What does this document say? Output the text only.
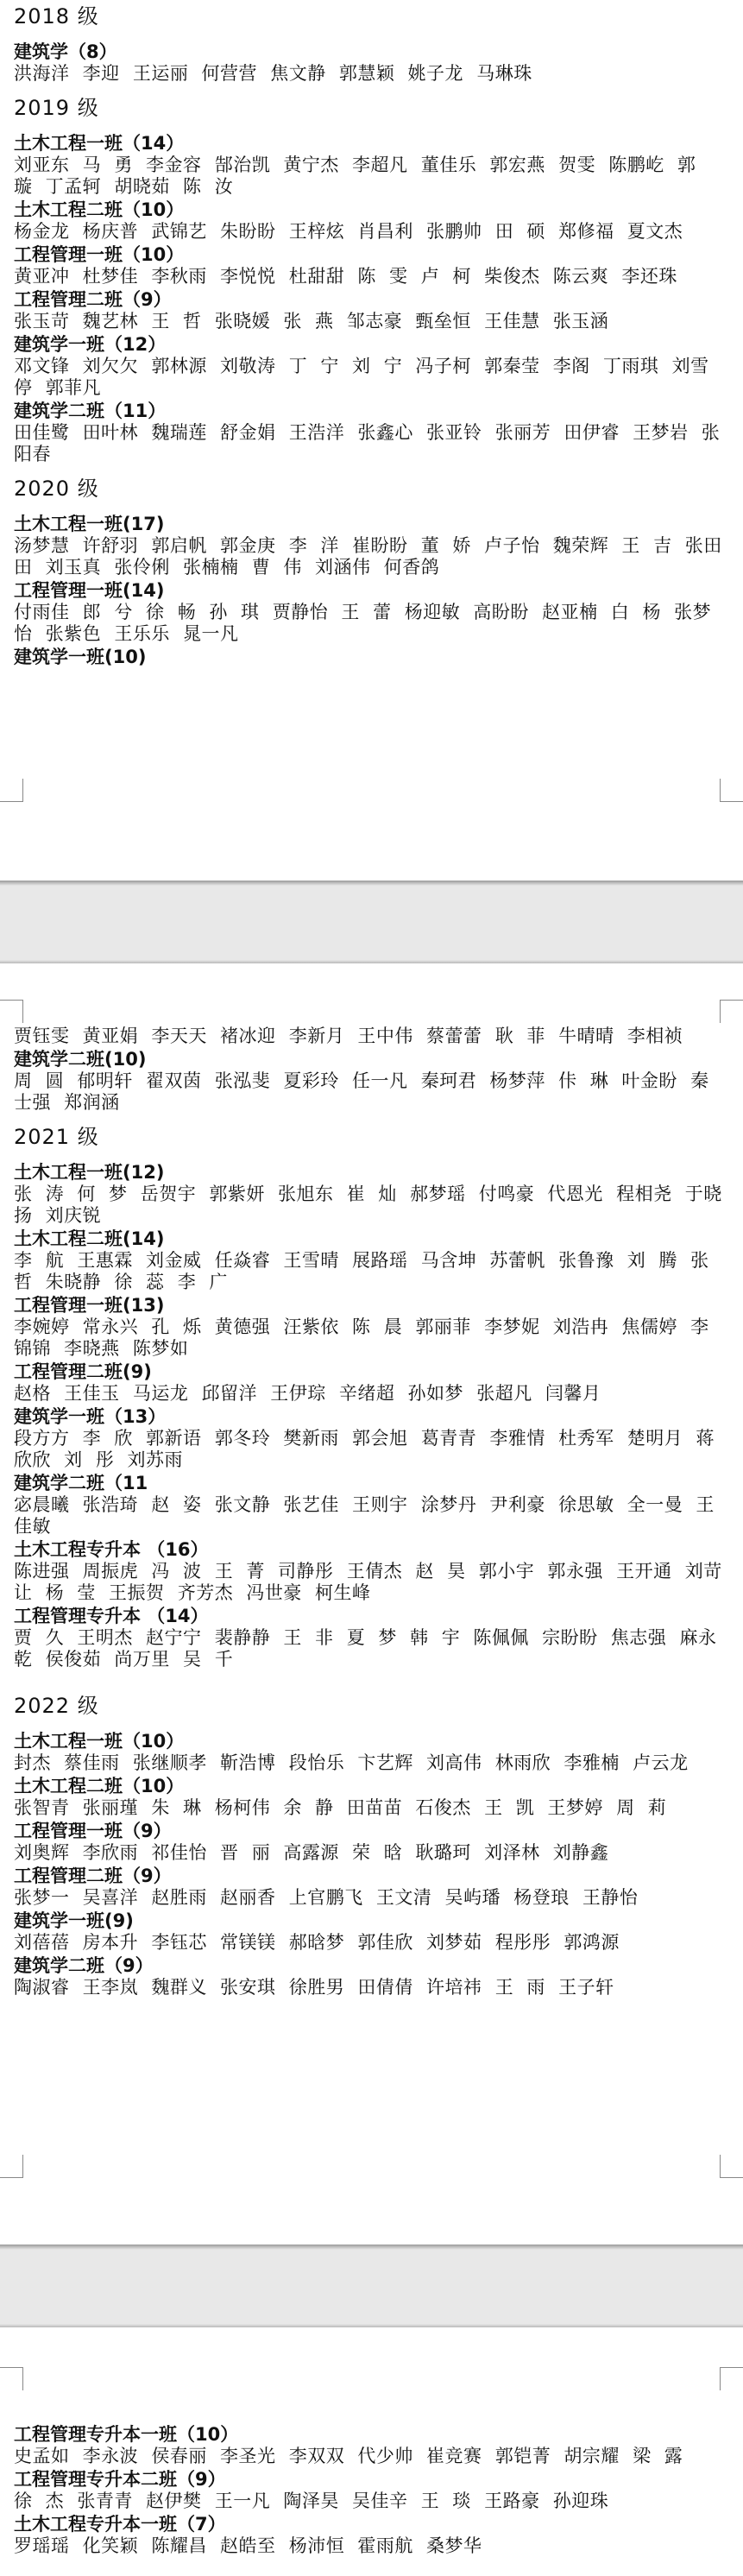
2018 级
建筑学（8）
洪海洋 李迎 王运丽 何营营 焦文静 郭慧颖 姚子龙 马琳珠
2019 级
土木工程一班（14）
刘亚东 马 勇 李金容 郜治凯 黄宁杰 李超凡 董佳乐 郭宏燕 贺雯 陈鹏屹 郭 璇 丁孟轲 胡晓茹 陈 汝
土木工程二班（10）
杨金龙 杨庆普 武锦艺 朱盼盼 王梓炫 肖昌利 张鹏帅 田 硕 郑修福 夏文杰
工程管理一班（10）
黄亚冲 杜梦佳 李秋雨 李悦悦 杜甜甜 陈 雯 卢 柯 柴俊杰 陈云爽 李还珠
工程管理二班（9）
张玉苛 魏艺林 王 哲 张晓媛 张 燕 邹志豪 甄垒恒 王佳慧 张玉涵
建筑学一班（12）
邓文锋 刘欠欠 郭林源 刘敬涛 丁 宁 刘 宁 冯子柯 郭秦莹 李阁 丁雨琪 刘雪停 郭菲凡
建筑学二班（11）
田佳鹭 田叶林 魏瑞莲 舒金娟 王浩洋 张鑫心 张亚铃 张丽芳 田伊睿 王梦岩 张阳春
2020 级
土木工程一班(17)
汤梦慧 许舒羽 郭启帆 郭金庚 李 洋 崔盼盼 董 娇 卢子怡 魏荣辉 王 吉 张田田 刘玉真 张伶俐 张楠楠 曹 伟 刘涵伟 何香鸽
工程管理一班(14)
付雨佳 郎 兮 徐 畅 孙 琪 贾静怡 王 蕾 杨迎敏 高盼盼 赵亚楠 白 杨 张梦怡 张紫色 王乐乐 晁一凡
建筑学一班(10)
贾钰雯 黄亚娟 李天天 褚冰迎 李新月 王中伟 蔡蕾蕾 耿 菲 牛晴晴 李相祯
建筑学二班(10)
周 圆 郁明轩 翟双茵 张泓斐 夏彩玲 任一凡 秦珂君 杨梦萍 佧 琳 叶金盼 秦士强 郑润涵
2021 级
土木工程一班(12)
张 涛 何 梦 岳贺宇 郭紫妍 张旭东 崔 灿 郝梦瑶 付鸣豪 代恩光 程相尧 于晓扬 刘庆锐
土木工程二班(14)
李 航 王惠霖 刘金威 任焱睿 王雪晴 展路瑶 马含坤 苏蕾帆 张鲁豫 刘 腾 张 哲 朱晓静 徐 蕊 李 广
工程管理一班(13)
李婉婷 常永兴 孔 烁 黄德强 汪紫依 陈 晨 郭丽菲 李梦妮 刘浩冉 焦儒婷 李锦锦 李晓燕 陈梦如
工程管理二班(9)
赵格 王佳玉 马运龙 邱留洋 王伊琮 辛绪超 孙如梦 张超凡 闫馨月
建筑学一班（13）
段方方 李 欣 郭新语 郭冬玲 樊新雨 郭会旭 葛青青 李雅情 杜秀军 楚明月 蒋欣欣 刘 彤 刘苏雨
建筑学二班（11
宓晨曦 张浩琦 赵 姿 张文静 张艺佳 王则宇 涂梦丹 尹利豪 徐思敏 全一曼 王佳敏
土木工程专升本 （16）
陈进强 周振虎 冯 波 王 菁 司静彤 王倩杰 赵 昊 郭小宇 郭永强 王开通 刘苛让 杨 莹 王振贺 齐芳杰 冯世豪 柯生峰
工程管理专升本 （14）
贾 久 王明杰 赵宁宁 裴静静 王 非 夏 梦 韩 宇 陈佩佩 宗盼盼 焦志强 麻永乾 侯俊茹 尚万里 吴 千
2022 级
土木工程一班（10）
封杰 蔡佳雨 张继顺孝 靳浩博 段怡乐 卞艺辉 刘高伟 林雨欣 李雅楠 卢云龙
土木工程二班（10）
张智青 张丽瑾 朱 琳 杨柯伟 余 静 田苗苗 石俊杰 王 凯 王梦婷 周 莉
工程管理一班（9）
刘奥辉 李欣雨 祁佳怡 晋 丽 高露源 荣 晗 耿璐珂 刘泽林 刘静鑫
工程管理二班（9）
张梦一 吴喜洋 赵胜雨 赵丽香 上官鹏飞 王文清 吴屿璠 杨登琅 王静怡
建筑学一班(9)
刘蓓蓓 房本升 李钰芯 常镁镁 郝晗梦 郭佳欣 刘梦茹 程彤彤 郭鸿源
建筑学二班（9）
陶淑睿 王李岚 魏群义 张安琪 徐胜男 田倩倩 许培祎 王 雨 王子轩
工程管理专升本一班（10）
史孟如 李永波 侯春丽 李圣光 李双双 代少帅 崔竞赛 郭铠菁 胡宗耀 梁 露
工程管理专升本二班（9）
徐 杰 张青青 赵伊樊 王一凡 陶泽昊 吴佳辛 王 琰 王路豪 孙迎珠
土木工程专升本一班（7）
罗瑶瑶 化笑颖 陈耀昌 赵皓至 杨沛恒 霍雨航 桑梦华
